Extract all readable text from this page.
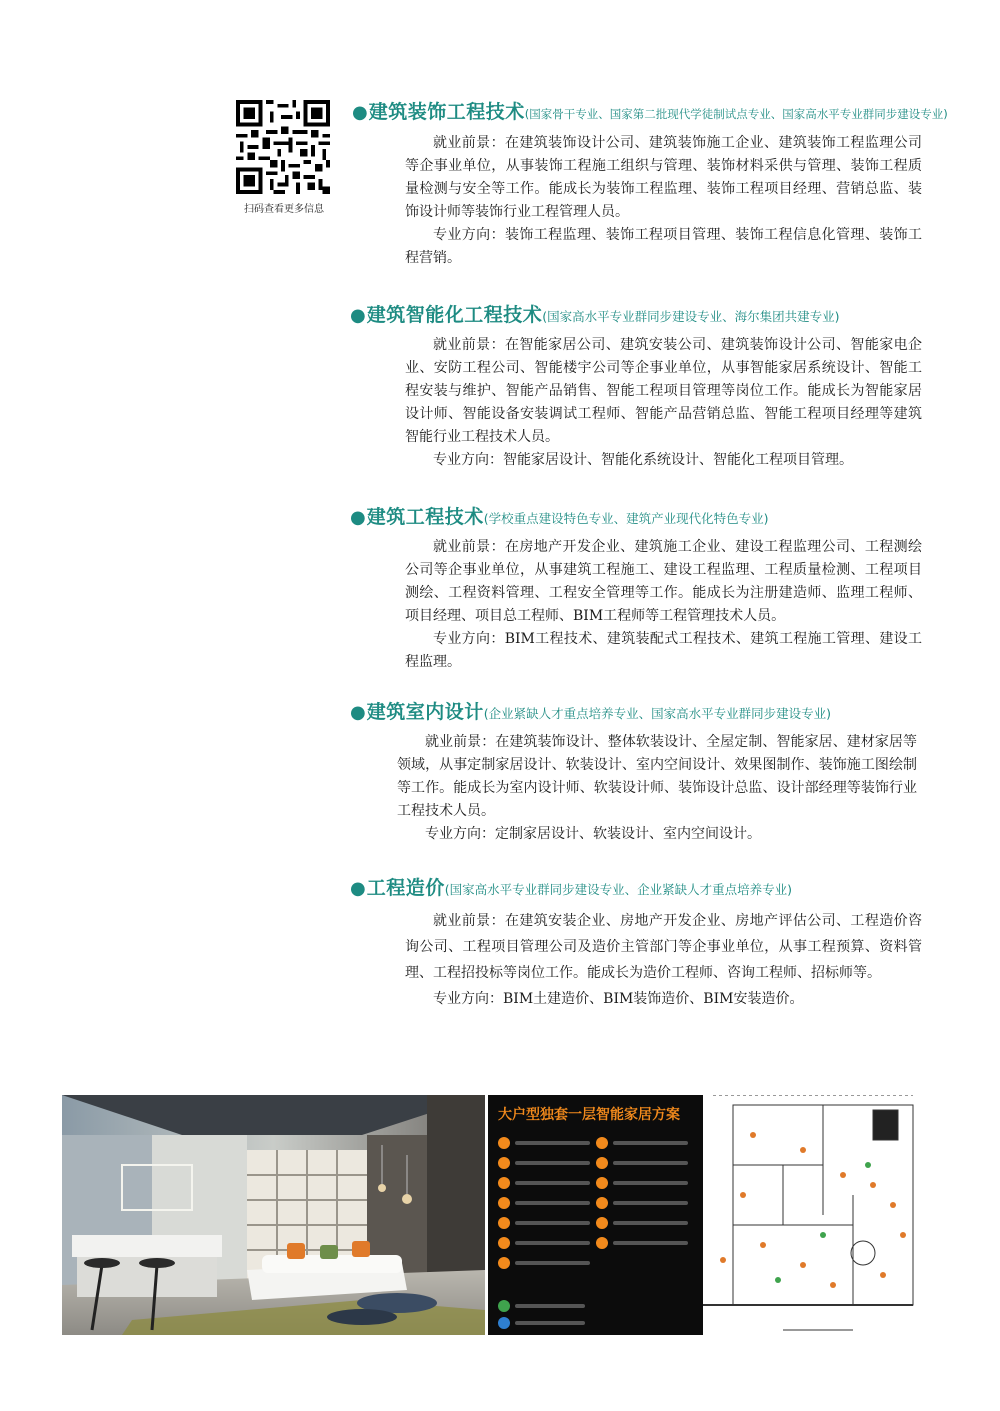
扫码查看更多信息
● 建筑装饰工程技术 (国家骨干专业、国家第二批现代学徒制试点专业、国家高水平专业群同步建设专业)

就业前景：在建筑装饰设计公司、建筑装饰施工企业、建筑装饰工程监理公司等企事业单位，从事装饰工程施工组织与管理、装饰材料采供与管理、装饰工程质量检测与安全等工作。能成长为装饰工程监理、装饰工程项目经理、营销总监、装饰设计师等装饰行业工程管理人员。

专业方向：装饰工程监理、装饰工程项目管理、装饰工程信息化管理、装饰工程营销。

● 建筑智能化工程技术 (国家高水平专业群同步建设专业、海尔集团共建专业)

就业前景：在智能家居公司、建筑安装公司、建筑装饰设计公司、智能家电企业、安防工程公司、智能楼宇公司等企事业单位，从事智能家居系统设计、智能工程安装与维护、智能产品销售、智能工程项目管理等岗位工作。能成长为智能家居设计师、智能设备安装调试工程师、智能产品营销总监、智能工程项目经理等建筑智能行业工程技术人员。

专业方向：智能家居设计、智能化系统设计、智能化工程项目管理。

● 建筑工程技术 (学校重点建设特色专业、建筑产业现代化特色专业)

就业前景：在房地产开发企业、建筑施工企业、建设工程监理公司、工程测绘公司等企事业单位，从事建筑工程施工、建设工程监理、工程质量检测、工程项目测绘、工程资料管理、工程安全管理等工作。能成长为注册建造师、监理工程师、项目经理、项目总工程师、BIM工程师等工程管理技术人员。

专业方向：BIM工程技术、建筑装配式工程技术、建筑工程施工管理、建设工程监理。

● 建筑室内设计 (企业紧缺人才重点培养专业、国家高水平专业群同步建设专业)

就业前景：在建筑装饰设计、整体软装设计、全屋定制、智能家居、建材家居等领域，从事定制家居设计、软装设计、室内空间设计、效果图制作、装饰施工图绘制等工作。能成长为室内设计师、软装设计师、装饰设计总监、设计部经理等装饰行业工程技术人员。

专业方向：定制家居设计、软装设计、室内空间设计。

● 工程造价 (国家高水平专业群同步建设专业、企业紧缺人才重点培养专业)

就业前景：在建筑安装企业、房地产开发企业、房地产评估公司、工程造价咨询公司、工程项目管理公司及造价主管部门等企事业单位，从事工程预算、资料管理、工程招投标等岗位工作。能成长为造价工程师、咨询工程师、招标师等。

专业方向：BIM土建造价、BIM装饰造价、BIM安装造价。

大户型独套一层智能家居方案
